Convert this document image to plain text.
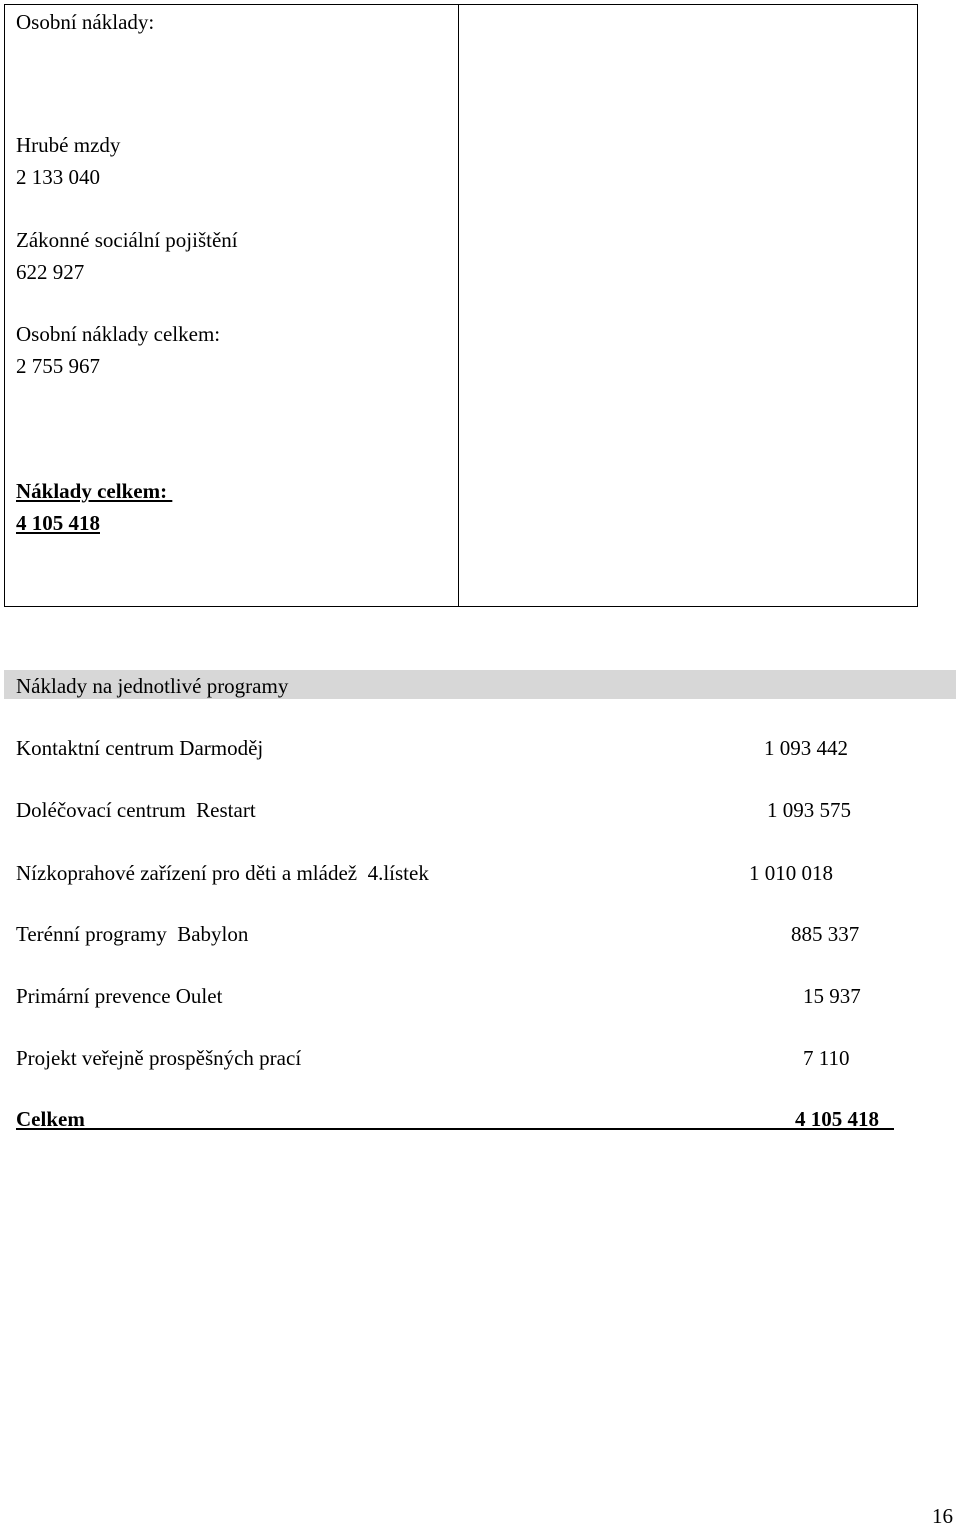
Osobní náklady:
Hrubé mzdy
2 133 040
Zákonné sociální pojištění
622 927
Osobní náklady celkem:
2 755 967
Náklady celkem:
4 105 418
Náklady na jednotlivé programy
Kontaktní centrum Darmoděj	1 093 442
Doléčovací centrum  Restart	1 093 575
Nízkoprahové zařízení pro děti a mládež  4.lístek	1 010 018
Terénní programy  Babylon	885 337
Primární prevence Oulet	15 937
Projekt veřejně prospěšných prací	7 110
Celkem	4 105 418
16
